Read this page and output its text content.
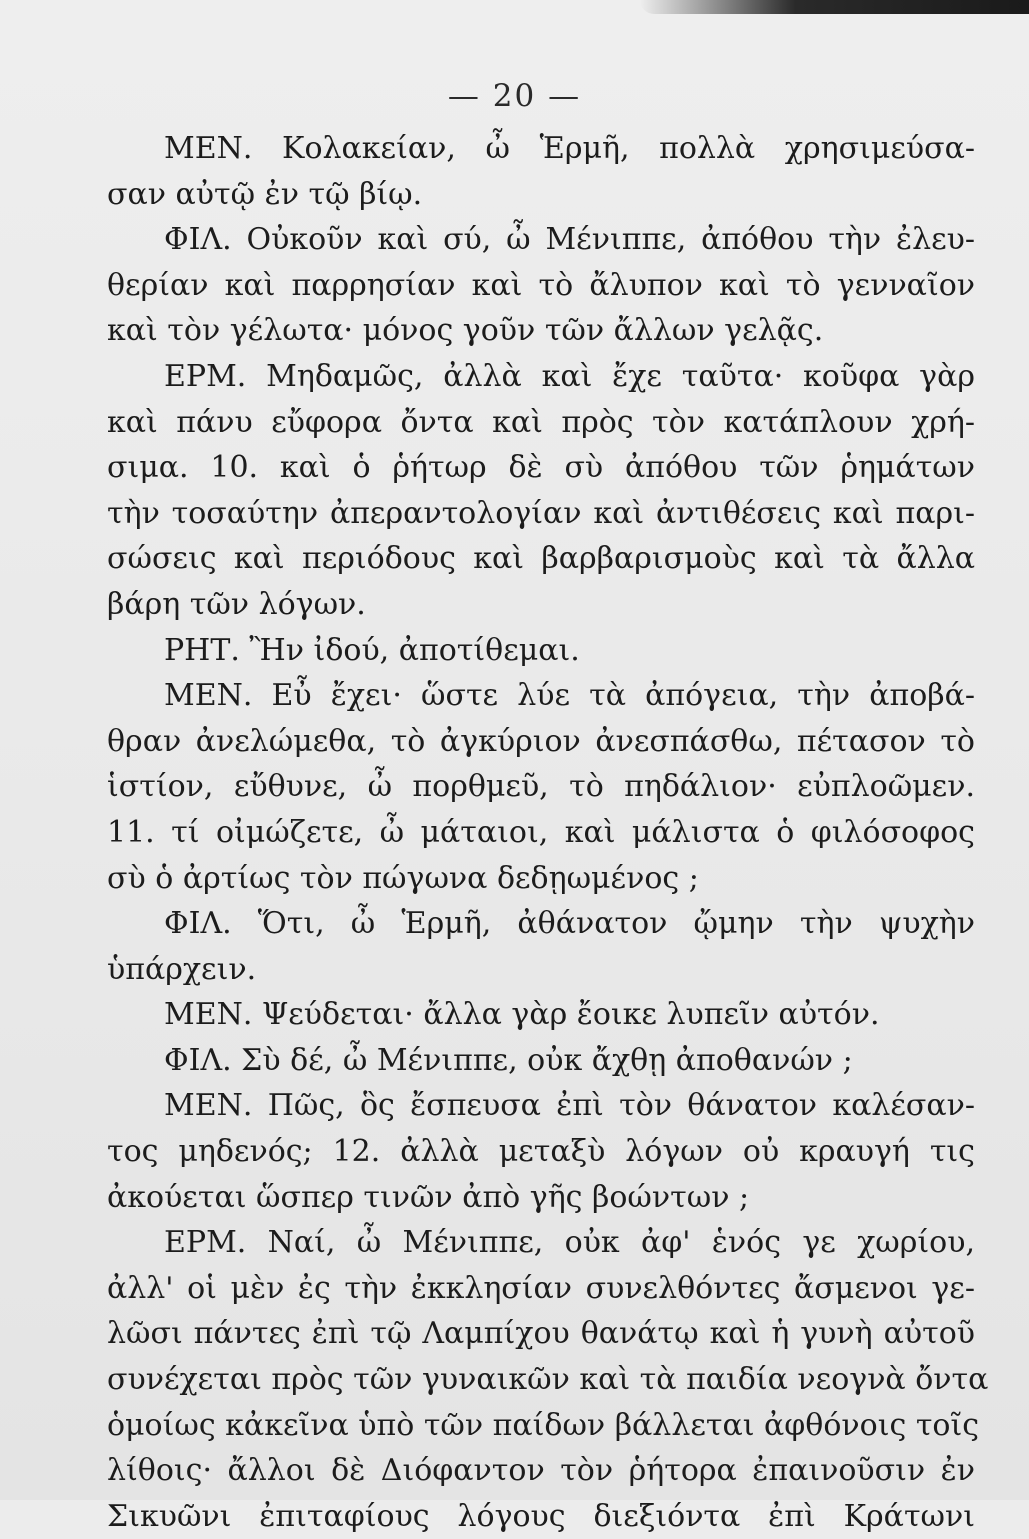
— 20 —
ΜΕΝ. Κολακείαν, ὦ Ἑρμῆ, πολλὰ χρησιμεύσα-
σαν αὐτῷ ἐν τῷ βίῳ.
ΦΙΛ. Οὐκοῦν καὶ σύ, ὦ Μένιππε, ἀπόθου τὴν ἐλευ-
θερίαν καὶ παρρησίαν καὶ τὸ ἄλυπον καὶ τὸ γενναῖον
καὶ τὸν γέλωτα· μόνος γοῦν τῶν ἄλλων γελᾷς.
ΕΡΜ. Μηδαμῶς, ἀλλὰ καὶ ἔχε ταῦτα· κοῦφα γὰρ
καὶ πάνυ εὔφορα ὄντα καὶ πρὸς τὸν κατάπλουν χρή-
σιμα. 10. καὶ ὁ ῥήτωρ δὲ σὺ ἀπόθου τῶν ῥημάτων
τὴν τοσαύτην ἀπεραντολογίαν καὶ ἀντιθέσεις καὶ παρι-
σώσεις καὶ περιόδους καὶ βαρβαρισμοὺς καὶ τὰ ἄλλα
βάρη τῶν λόγων.
ΡΗΤ. Ἢν ἰδού, ἀποτίθεμαι.
ΜΕΝ. Εὖ ἔχει· ὥστε λύε τὰ ἀπόγεια, τὴν ἀποβά-
θραν ἀνελώμεθα, τὸ ἀγκύριον ἀνεσπάσθω, πέτασον τὸ
ἱστίον, εὔθυνε, ὦ πορθμεῦ, τὸ πηδάλιον· εὐπλοῶμεν.
11. τί οἰμώζετε, ὦ μάταιοι, καὶ μάλιστα ὁ φιλόσοφος
σὺ ὁ ἀρτίως τὸν πώγωνα δεδῃωμένος ;
ΦΙΛ. Ὅτι, ὦ Ἑρμῆ, ἀθάνατον ᾤμην τὴν ψυχὴν
ὑπάρχειν.
ΜΕΝ. Ψεύδεται· ἄλλα γὰρ ἔοικε λυπεῖν αὐτόν.
ΦΙΛ. Σὺ δέ, ὦ Μένιππε, οὐκ ἄχθῃ ἀποθανών ;
ΜΕΝ. Πῶς, ὃς ἔσπευσα ἐπὶ τὸν θάνατον καλέσαν-
τος μηδενός; 12. ἀλλὰ μεταξὺ λόγων οὐ κραυγή τις
ἀκούεται ὥσπερ τινῶν ἀπὸ γῆς βοώντων ;
ΕΡΜ. Ναί, ὦ Μένιππε, οὐκ ἀφ' ἑνός γε χωρίου,
ἀλλ' οἱ μὲν ἐς τὴν ἐκκλησίαν συνελθόντες ἄσμενοι γε-
λῶσι πάντες ἐπὶ τῷ Λαμπίχου θανάτῳ καὶ ἡ γυνὴ αὐτοῦ
συνέχεται πρὸς τῶν γυναικῶν καὶ τὰ παιδία νεογνὰ ὄντα
ὁμοίως κἀκεῖνα ὑπὸ τῶν παίδων βάλλεται ἀφθόνοις τοῖς
λίθοις· ἄλλοι δὲ Διόφαντον τὸν ῥήτορα ἐπαινοῦσιν ἐν
Σικυῶνι ἐπιταφίους λόγους διεξιόντα ἐπὶ Κράτωνι
